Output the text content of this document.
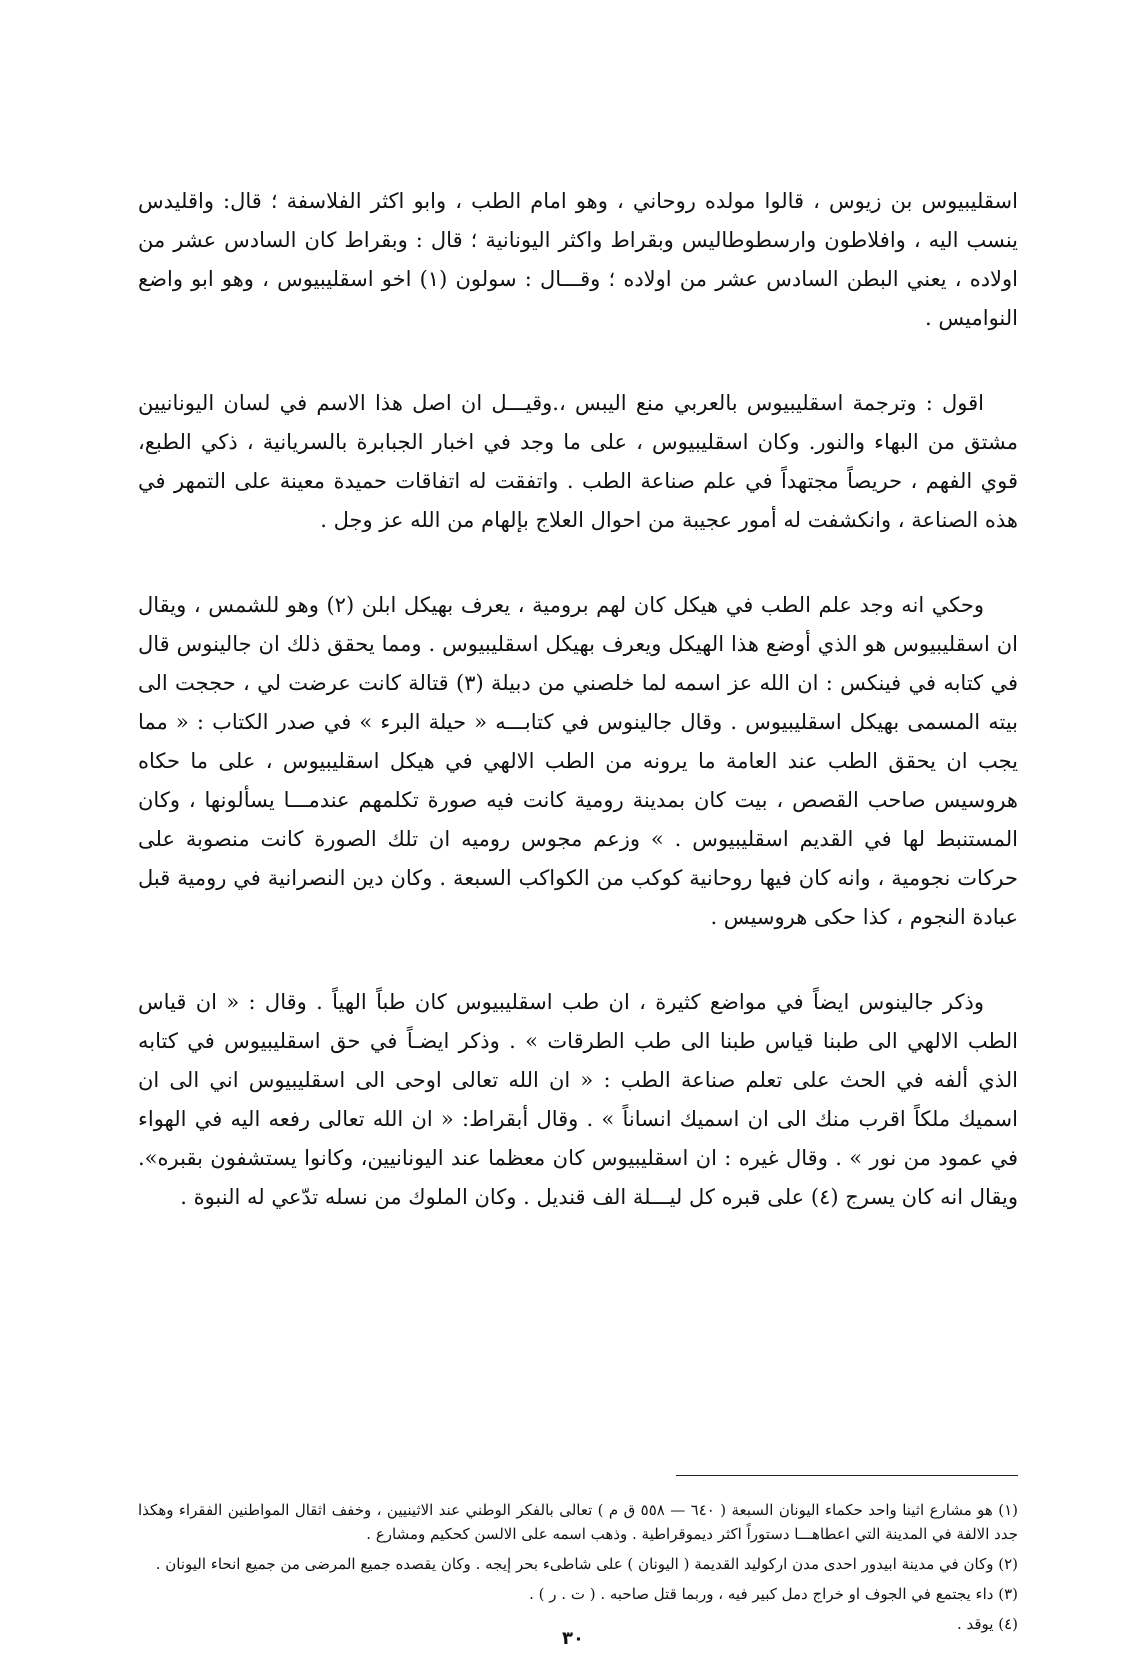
اسقليبيوس بن زيوس ، قالوا مولده روحاني ، وهو امام الطب ، وابو اكثر الفلاسفة ؛ قال: واقليدس ينسب اليه ، وافلاطون وارسطوطاليس وبقراط واكثر اليونانية ؛ قال : وبقراط كان السادس عشر من اولاده ، يعني البطن السادس عشر من اولاده ؛ وقـــال : سولون (١) اخو اسقليبيوس ، وهو ابو واضع النواميس .

اقول : وترجمة اسقليبيوس بالعربي منع اليبس ،.وقيـــل ان اصل هذا الاسم في لسان اليونانيين مشتق من البهاء والنور. وكان اسقليبيوس ، على ما وجد في اخبار الجبابرة بالسريانية ، ذكي الطبع، قوي الفهم ، حريصاً مجتهداً في علم صناعة الطب . واتفقت له اتفاقات حميدة معينة على التمهر في هذه الصناعة ، وانكشفت له أمور عجيبة من احوال العلاج بإلهام من الله عز وجل .

وحكي انه وجد علم الطب في هيكل كان لهم برومية ، يعرف بهيكل ابلن (٢) وهو للشمس ، ويقال ان اسقليبيوس هو الذي أوضع هذا الهيكل ويعرف بهيكل اسقليبيوس . ومما يحقق ذلك ان جالينوس قال في كتابه في فينكس : ان الله عز اسمه لما خلصني من دبيلة (٣) قتالة كانت عرضت لي ، حججت الى بيته المسمى بهيكل اسقليبيوس . وقال جالينوس في كتابـــه « حيلة البرء » في صدر الكتاب : « مما يجب ان يحقق الطب عند العامة ما يرونه من الطب الالهي في هيكل اسقليبيوس ، على ما حكاه هروسيس صاحب القصص ، بيت كان بمدينة رومية كانت فيه صورة تكلمهم عندمـــا يسألونها ، وكان المستنبط لها في القديم اسقليبيوس . » وزعم مجوس روميه ان تلك الصورة كانت منصوبة على حركات نجومية ، وانه كان فيها روحانية كوكب من الكواكب السبعة . وكان دين النصرانية في رومية قبل عبادة النجوم ، كذا حكى هروسيس .

وذكر جالينوس ايضاً في مواضع كثيرة ، ان طب اسقليبيوس كان طباً الهياً . وقال : « ان قياس الطب الالهي الى طبنا قياس طبنا الى طب الطرقات » . وذكر ايضـاً في حق اسقليبيوس في كتابه الذي ألفه في الحث على تعلم صناعة الطب : « ان الله تعالى اوحى الى اسقليبيوس اني الى ان اسميك ملكاً اقرب منك الى ان اسميك انساناً » . وقال أبقراط: « ان الله تعالى رفعه اليه في الهواء في عمود من نور » . وقال غيره : ان اسقليبيوس كان معظما عند اليونانيين، وكانوا يستشفون بقبره». ويقال انه كان يسرج (٤) على قبره كل ليـــلة الف قنديل . وكان الملوك من نسله تدّعي له النبوة .

(١) هو مشارع اثينا واحد حكماء اليونان السبعة ( ٦٤٠ — ٥٥٨ ق م ) تعالى بالفكر الوطني عند الاثينيين ، وخفف اثقال المواطنين الفقراء وهكذا جدد الالفة في المدينة التي اعطاهـــا دستوراً اكثر ديموقراطية . وذهب اسمه على الالسن كحكيم ومشارع .

(٢) وكان في مدينة ابيدور احدى مدن اركوليد القديمة ( اليونان ) على شاطىء بحر إيجه . وكان يقصده جميع المرضى من جميع انحاء اليونان .

(٣) داء يجتمع في الجوف او خراج دمل كبير فيه ، وربما قتل صاحبه . ( ت . ر ) .

(٤) يوقد .

٣٠
